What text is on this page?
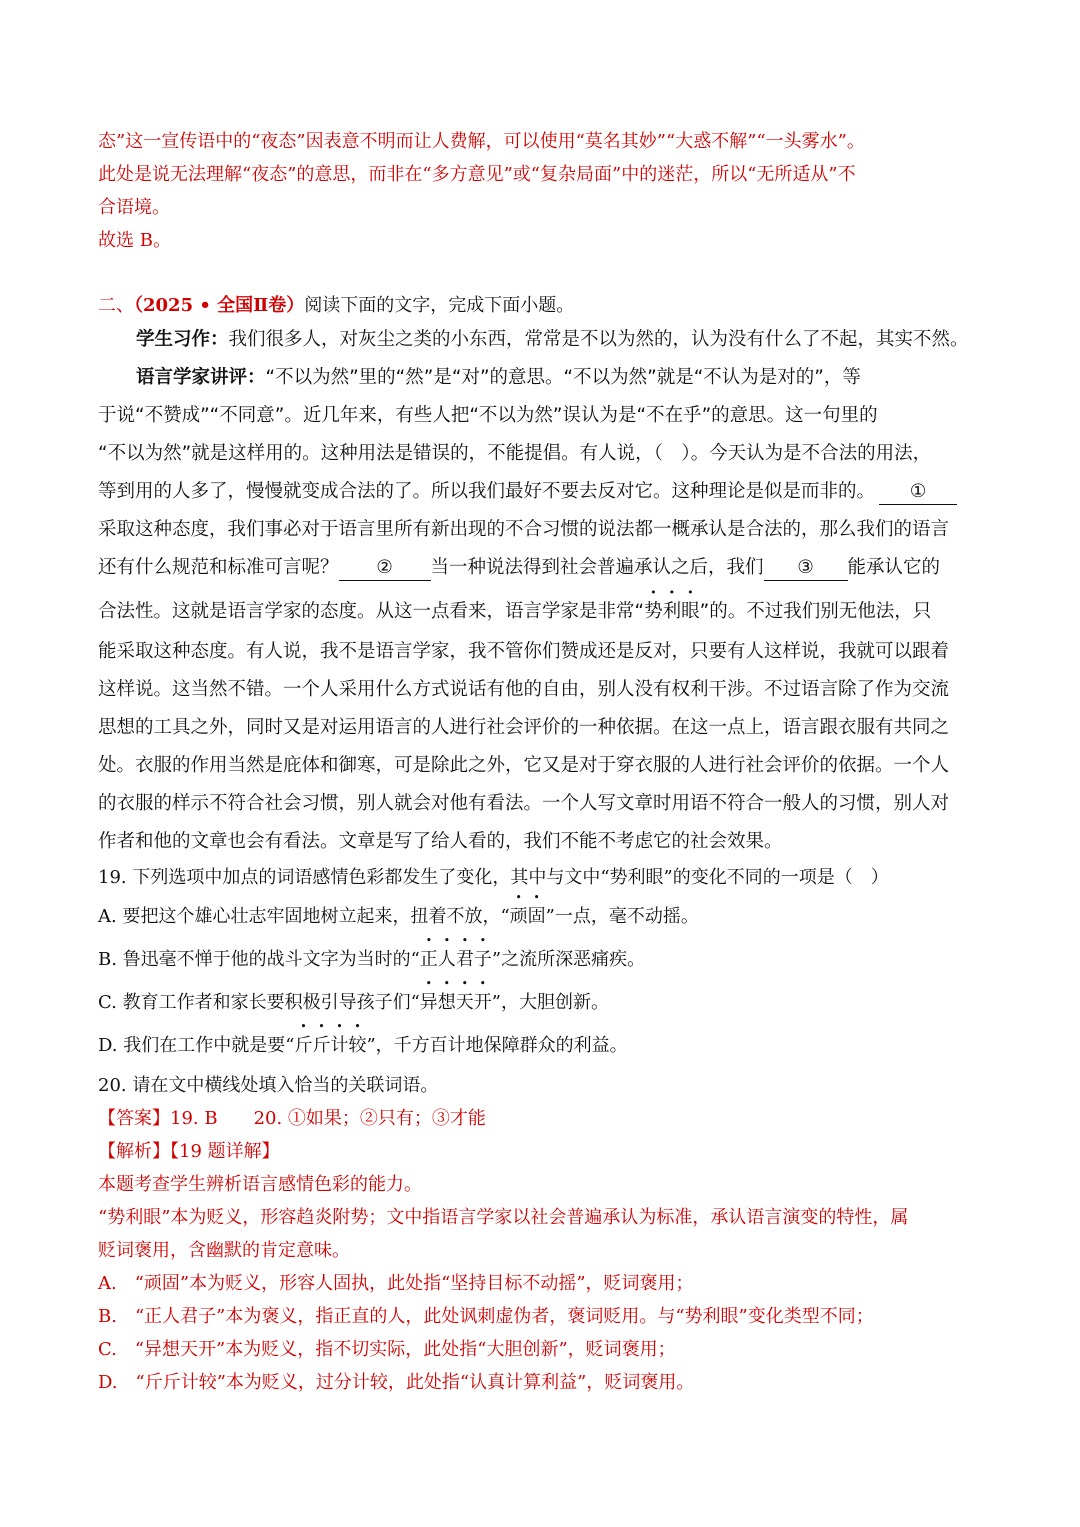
态”这一宣传语中的“夜态”因表意不明而让人费解，可以使用“莫名其妙”“大惑不解”“一头雾水”。
此处是说无法理解“夜态”的意思，而非在“多方意见”或“复杂局面”中的迷茫，所以“无所适从”不
合语境。
故选 B。
二、（2025 • 全国Ⅱ卷）阅读下面的文字，完成下面小题。
学生习作：我们很多人，对灰尘之类的小东西，常常是不以为然的，认为没有什么了不起，其实不然。
语言学家讲评：“不以为然”里的“然”是“对”的意思。“不以为然”就是“不认为是对的”，等
于说“不赞成”“不同意”。近几年来，有些人把“不以为然”误认为是“不在乎”的意思。这一句里的
“不以为然”就是这样用的。这种用法是错误的，不能提倡。有人说，（　）。今天认为是不合法的用法，
等到用的人多了，慢慢就变成合法的了。所以我们最好不要去反对它。这种理论是似是而非的。 ①
采取这种态度，我们事必对于语言里所有新出现的不合习惯的说法都一概承认是合法的，那么我们的语言
还有什么规范和标准可言呢？ ② 当一种说法得到社会普遍承认之后，我们 ③ 能承认它的
合法性。这就是语言学家的态度。从这一点看来，语言学家是非常“势利眼”的。不过我们别无他法，只
能采取这种态度。有人说，我不是语言学家，我不管你们赞成还是反对，只要有人这样说，我就可以跟着
这样说。这当然不错。一个人采用什么方式说话有他的自由，别人没有权利干涉。不过语言除了作为交流
思想的工具之外，同时又是对运用语言的人进行社会评价的一种依据。在这一点上，语言跟衣服有共同之
处。衣服的作用当然是庇体和御寒，可是除此之外，它又是对于穿衣服的人进行社会评价的依据。一个人
的衣服的样示不符合社会习惯，别人就会对他有看法。一个人写文章时用语不符合一般人的习惯，别人对
作者和他的文章也会有看法。文章是写了给人看的，我们不能不考虑它的社会效果。
19. 下列选项中加点的词语感情色彩都发生了变化，其中与文中“势利眼”的变化不同的一项是（　）
A. 要把这个雄心壮志牢固地树立起来，扭着不放，“顽固”一点，毫不动摇。
B. 鲁迅毫不惮于他的战斗文字为当时的“正人君子”之流所深恶痛疾。
C. 教育工作者和家长要积极引导孩子们“异想天开”，大胆创新。
D. 我们在工作中就是要“斤斤计较”，千方百计地保障群众的利益。
20. 请在文中横线处填入恰当的关联词语。
【答案】19. B　　20. ①如果；②只有；③才能
【解析】【19 题详解】
本题考查学生辨析语言感情色彩的能力。
“势利眼”本为贬义，形容趋炎附势；文中指语言学家以社会普遍承认为标准，承认语言演变的特性，属
贬词褒用，含幽默的肯定意味。
A.　“顽固”本为贬义，形容人固执，此处指“坚持目标不动摇”，贬词褒用；
B.　“正人君子”本为褒义，指正直的人，此处讽刺虚伪者，褒词贬用。与“势利眼”变化类型不同；
C.　“异想天开”本为贬义，指不切实际，此处指“大胆创新”，贬词褒用；
D.　“斤斤计较”本为贬义，过分计较，此处指“认真计算利益”，贬词褒用。
